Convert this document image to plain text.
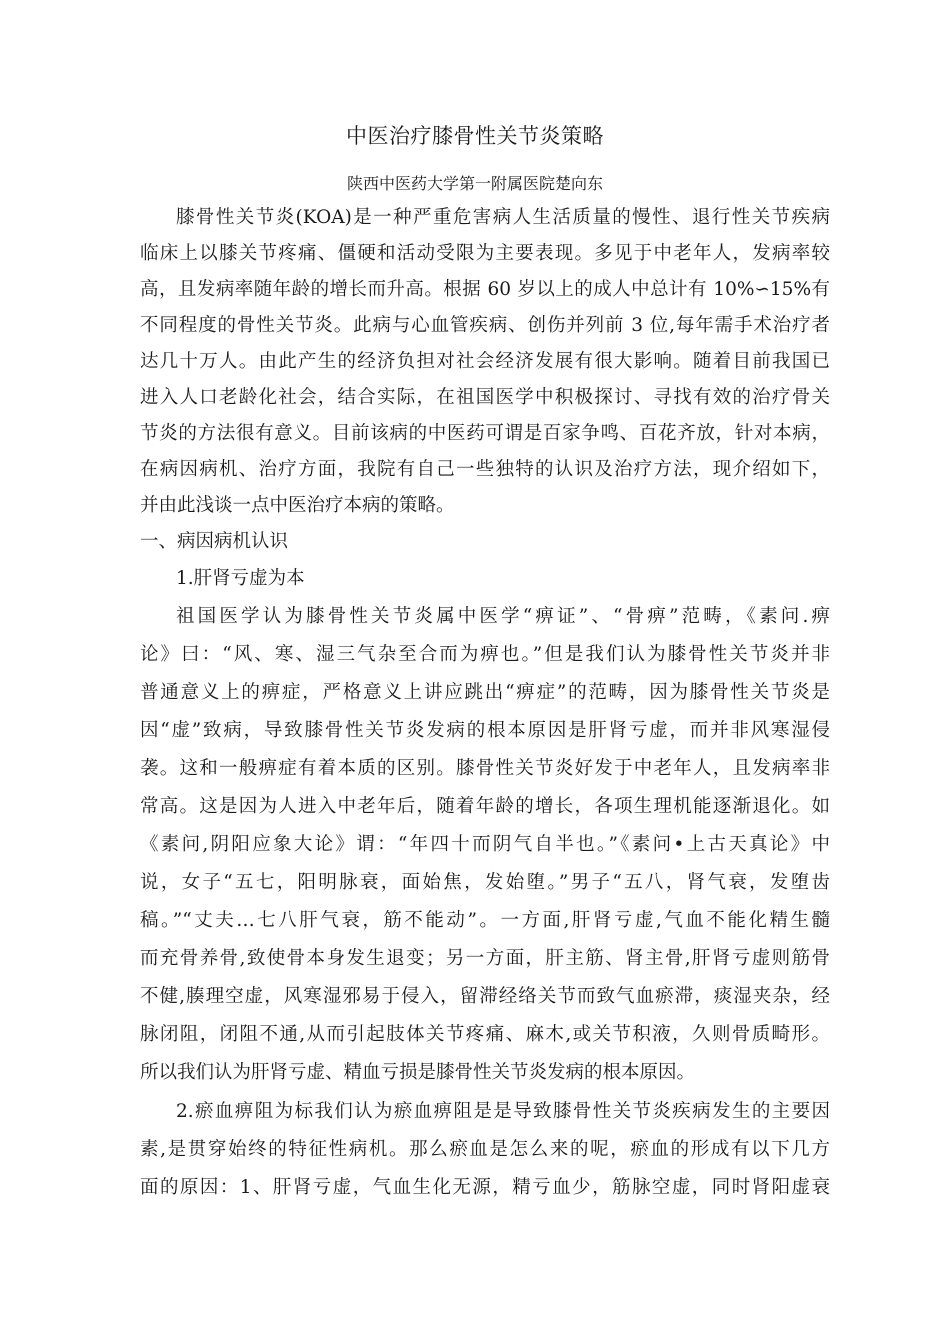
中医治疗膝骨性关节炎策略
陕西中医药大学第一附属医院楚向东
膝骨性关节炎(KOA)是一种严重危害病人生活质量的慢性、退行性关节疾病
临床上以膝关节疼痛、僵硬和活动受限为主要表现。多见于中老年人，发病率较
高，且发病率随年龄的增长而升高。根据 60 岁以上的成人中总计有 10%∽15%有
不同程度的骨性关节炎。此病与心血管疾病、创伤并列前 3 位,每年需手术治疗者
达几十万人。由此产生的经济负担对社会经济发展有很大影响。随着目前我国已
进入人口老龄化社会，结合实际，在祖国医学中积极探讨、寻找有效的治疗骨关
节炎的方法很有意义。目前该病的中医药可谓是百家争鸣、百花齐放，针对本病，
在病因病机、治疗方面，我院有自己一些独特的认识及治疗方法，现介绍如下，
并由此浅谈一点中医治疗本病的策略。
一、病因病机认识
1.肝肾亏虚为本
祖国医学认为膝骨性关节炎属中医学“痹证”、“骨痹”范畴，《素问.痹
论》曰：“风、寒、湿三气杂至合而为痹也。”但是我们认为膝骨性关节炎并非
普通意义上的痹症，严格意义上讲应跳出“痹症”的范畴，因为膝骨性关节炎是
因“虚”致病，导致膝骨性关节炎发病的根本原因是肝肾亏虚，而并非风寒湿侵
袭。这和一般痹症有着本质的区别。膝骨性关节炎好发于中老年人，且发病率非
常高。这是因为人进入中老年后，随着年龄的增长，各项生理机能逐渐退化。如
《素问,阴阳应象大论》谓：“年四十而阴气自半也。”《素问•上古天真论》中
说，女子“五七，阳明脉衰，面始焦，发始堕。”男子“五八，肾气衰，发堕齿
稿。”“丈夫…七八肝气衰，筋不能动”。一方面,肝肾亏虚,气血不能化精生髓
而充骨养骨,致使骨本身发生退变；另一方面，肝主筋、肾主骨,肝肾亏虚则筋骨
不健,腠理空虚，风寒湿邪易于侵入，留滞经络关节而致气血瘀滞，痰湿夹杂，经
脉闭阻，闭阻不通,从而引起肢体关节疼痛、麻木,或关节积液，久则骨质畸形。
所以我们认为肝肾亏虚、精血亏损是膝骨性关节炎发病的根本原因。
2.瘀血痹阻为标我们认为瘀血痹阻是是导致膝骨性关节炎疾病发生的主要因
素,是贯穿始终的特征性病机。那么瘀血是怎么来的呢，瘀血的形成有以下几方
面的原因：1、肝肾亏虚，气血生化无源，精亏血少，筋脉空虚，同时肾阳虚衰
